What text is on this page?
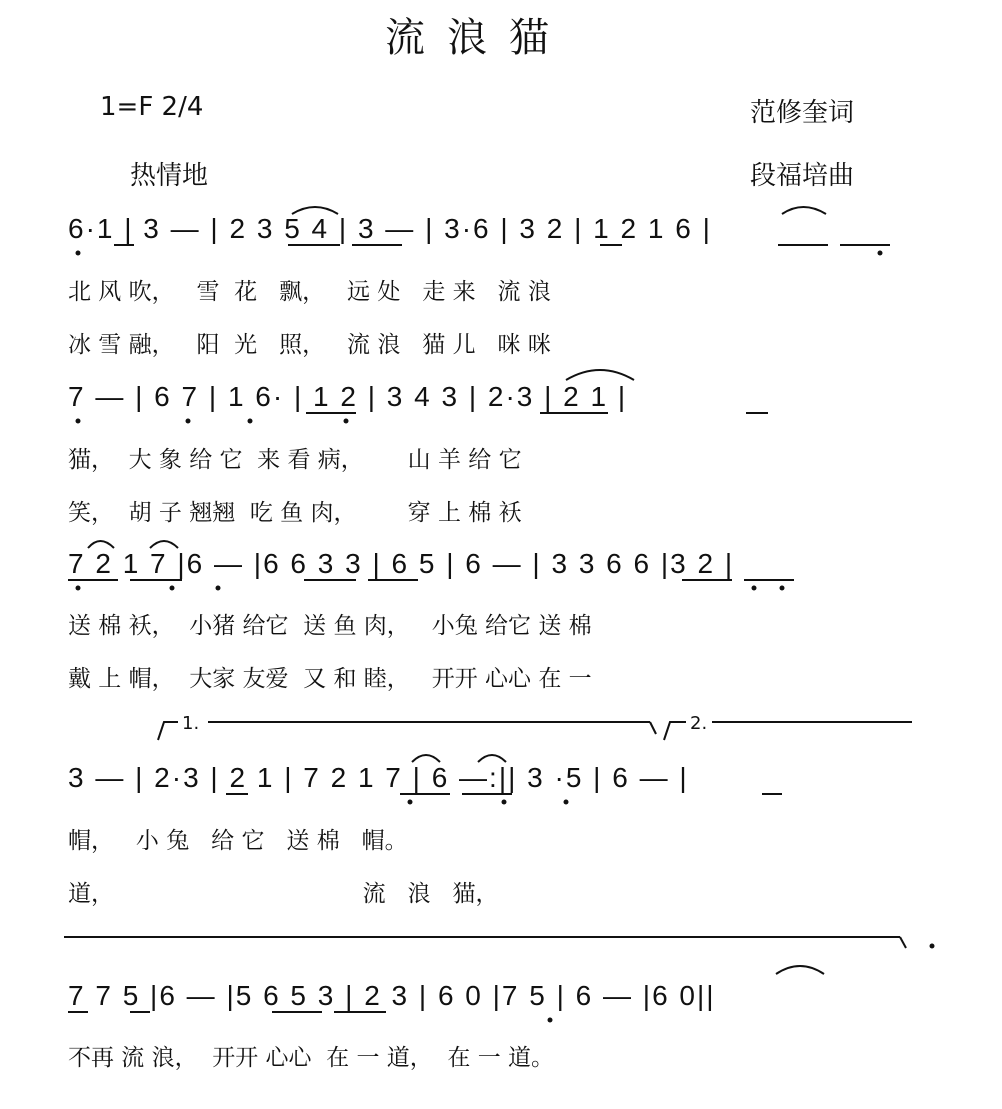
流浪猫
1=F 2/4	范修奎词
热情地	段福培曲
6·1 | 3 — | 2 3 5 4 | 3 — | 3·6 | 3 2 | 1 2 1 6 |
北 风 吹，   雪  花   飘，   远 处   走 来   流 浪
冰 雪 融，   阳  光   照，   流 浪   猫 儿   咪 咪
7 — | 6 7 | 1 6· | 1 2 | 3 4 3 | 2·3 | 2 1 |
猫，  大 象 给 它  来 看 病，      山 羊 给 它
笑，  胡 子 翘翘  吃 鱼 肉，       穿 上 棉 袄
7 2 1 7 |6 — |6 6 3 3 | 6 5 | 6 — | 3 3 6 6 |3 2 |
送 棉 袄，  小猪 给它  送 鱼 肉，   小兔 给它 送 棉
戴 上 帽，  大家 友爱  又 和 睦，   开开 心心 在 一
1.	2.
3 — | 2·3 | 2 1 | 7 2 1 7 | 6 —:|| 3 ·5 | 6 — |
帽，   小 兔   给 它   送 棉   帽。
道，                                  流   浪   猫，
7 7 5 |6 — |5 6 5 3 | 2 3 | 6 0 |7 5 | 6 — |6 0||
不再 流 浪，  开开 心心  在 一 道，  在 一 道。
